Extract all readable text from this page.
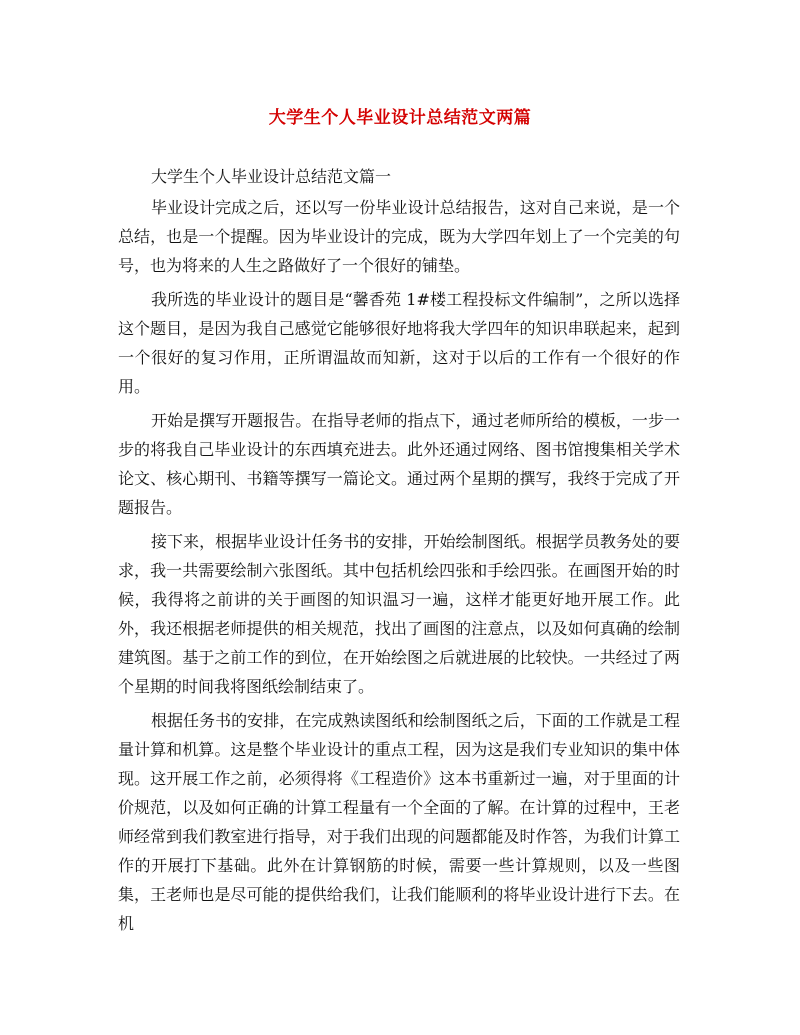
大学生个人毕业设计总结范文两篇

大学生个人毕业设计总结范文篇一

毕业设计完成之后，还以写一份毕业设计总结报告，这对自己来说，是一个总结，也是一个提醒。因为毕业设计的完成，既为大学四年划上了一个完美的句号，也为将来的人生之路做好了一个很好的铺垫。

我所选的毕业设计的题目是“馨香苑 1#楼工程投标文件编制”，之所以选择这个题目，是因为我自己感觉它能够很好地将我大学四年的知识串联起来，起到一个很好的复习作用，正所谓温故而知新，这对于以后的工作有一个很好的作用。

开始是撰写开题报告。在指导老师的指点下，通过老师所给的模板，一步一步的将我自己毕业设计的东西填充进去。此外还通过网络、图书馆搜集相关学术论文、核心期刊、书籍等撰写一篇论文。通过两个星期的撰写，我终于完成了开题报告。

接下来，根据毕业设计任务书的安排，开始绘制图纸。根据学员教务处的要求，我一共需要绘制六张图纸。其中包括机绘四张和手绘四张。在画图开始的时候，我得将之前讲的关于画图的知识温习一遍，这样才能更好地开展工作。此外，我还根据老师提供的相关规范，找出了画图的注意点，以及如何真确的绘制建筑图。基于之前工作的到位，在开始绘图之后就进展的比较快。一共经过了两个星期的时间我将图纸绘制结束了。

根据任务书的安排，在完成熟读图纸和绘制图纸之后，下面的工作就是工程量计算和机算。这是整个毕业设计的重点工程，因为这是我们专业知识的集中体现。这开展工作之前，必须得将《工程造价》这本书重新过一遍，对于里面的计价规范，以及如何正确的计算工程量有一个全面的了解。在计算的过程中，王老师经常到我们教室进行指导，对于我们出现的问题都能及时作答，为我们计算工作的开展打下基础。此外在计算钢筋的时候，需要一些计算规则，以及一些图集，王老师也是尽可能的提供给我们，让我们能顺利的将毕业设计进行下去。在机
